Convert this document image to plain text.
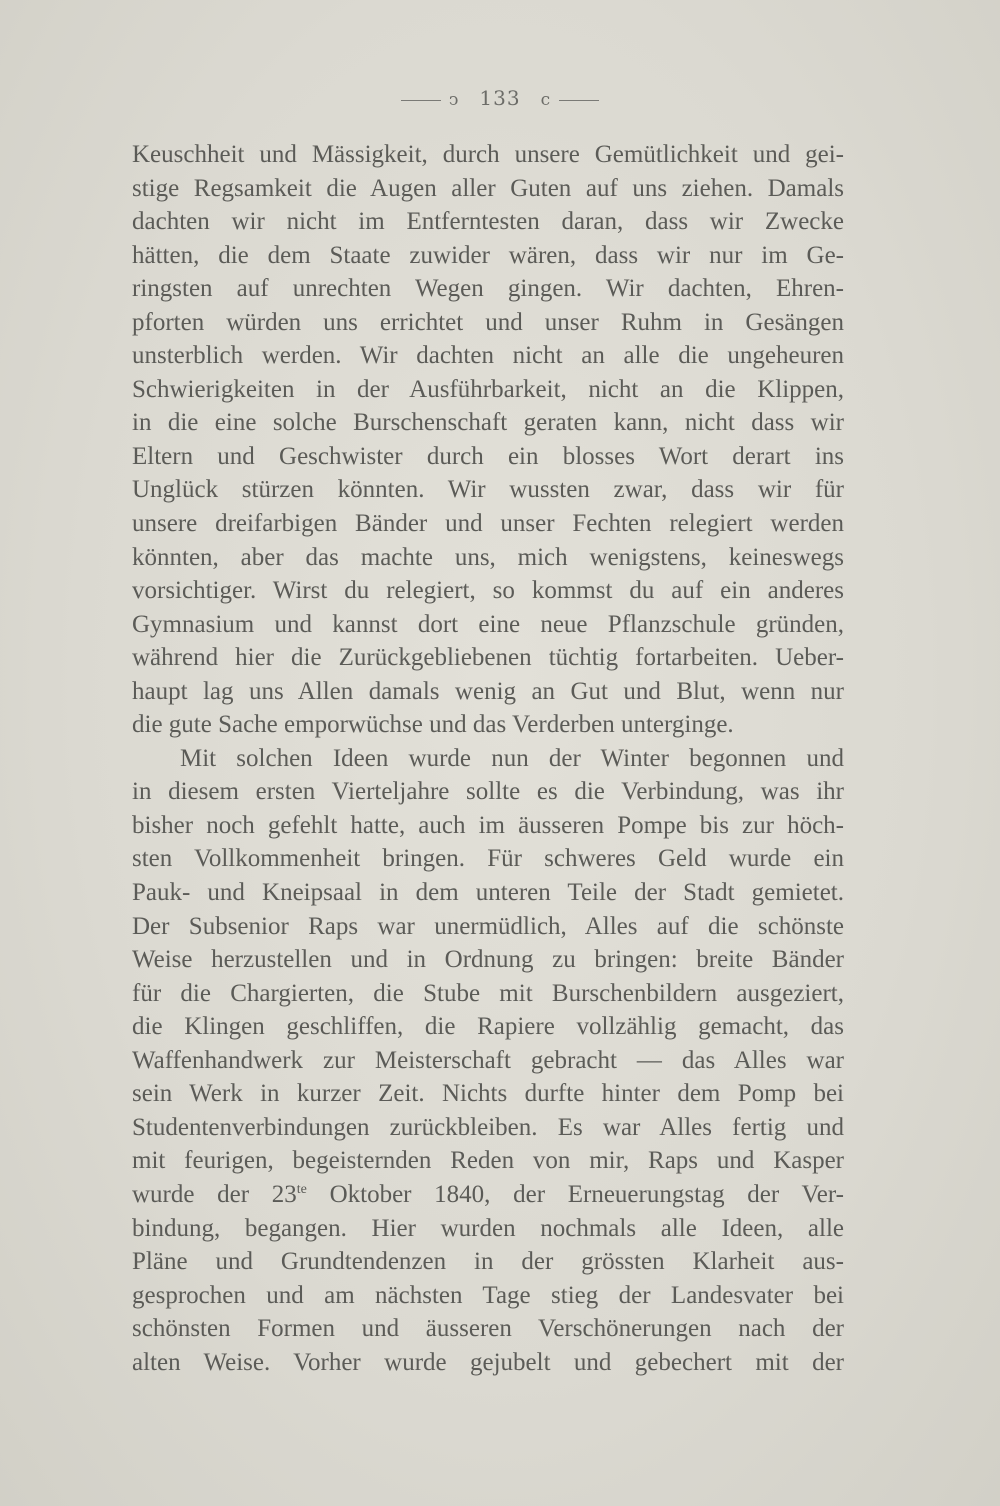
ↄ 133 c
Keuschheit und Mässigkeit, durch unsere Gemütlichkeit und gei-
stige Regsamkeit die Augen aller Guten auf uns ziehen. Damals
dachten wir nicht im Entferntesten daran, dass wir Zwecke
hätten, die dem Staate zuwider wären, dass wir nur im Ge-
ringsten auf unrechten Wegen gingen. Wir dachten, Ehren-
pforten würden uns errichtet und unser Ruhm in Gesängen
unsterblich werden. Wir dachten nicht an alle die ungeheuren
Schwierigkeiten in der Ausführbarkeit, nicht an die Klippen,
in die eine solche Burschenschaft geraten kann, nicht dass wir
Eltern und Geschwister durch ein blosses Wort derart ins
Unglück stürzen könnten. Wir wussten zwar, dass wir für
unsere dreifarbigen Bänder und unser Fechten relegiert werden
könnten, aber das machte uns, mich wenigstens, keineswegs
vorsichtiger. Wirst du relegiert, so kommst du auf ein anderes
Gymnasium und kannst dort eine neue Pflanzschule gründen,
während hier die Zurückgebliebenen tüchtig fortarbeiten. Ueber-
haupt lag uns Allen damals wenig an Gut und Blut, wenn nur
die gute Sache emporwüchse und das Verderben unterginge.
Mit solchen Ideen wurde nun der Winter begonnen und
in diesem ersten Vierteljahre sollte es die Verbindung, was ihr
bisher noch gefehlt hatte, auch im äusseren Pompe bis zur höch-
sten Vollkommenheit bringen. Für schweres Geld wurde ein
Pauk- und Kneipsaal in dem unteren Teile der Stadt gemietet.
Der Subsenior Raps war unermüdlich, Alles auf die schönste
Weise herzustellen und in Ordnung zu bringen: breite Bänder
für die Chargierten, die Stube mit Burschenbildern ausgeziert,
die Klingen geschliffen, die Rapiere vollzählig gemacht, das
Waffenhandwerk zur Meisterschaft gebracht — das Alles war
sein Werk in kurzer Zeit. Nichts durfte hinter dem Pomp bei
Studentenverbindungen zurückbleiben. Es war Alles fertig und
mit feurigen, begeisternden Reden von mir, Raps und Kasper
wurde der $23^{te}$ Oktober 1840, der Erneuerungstag der Ver-
bindung, begangen. Hier wurden nochmals alle Ideen, alle
Pläne und Grundtendenzen in der grössten Klarheit aus-
gesprochen und am nächsten Tage stieg der Landesvater bei
schönsten Formen und äusseren Verschönerungen nach der
alten Weise. Vorher wurde gejubelt und gebechert mit der
